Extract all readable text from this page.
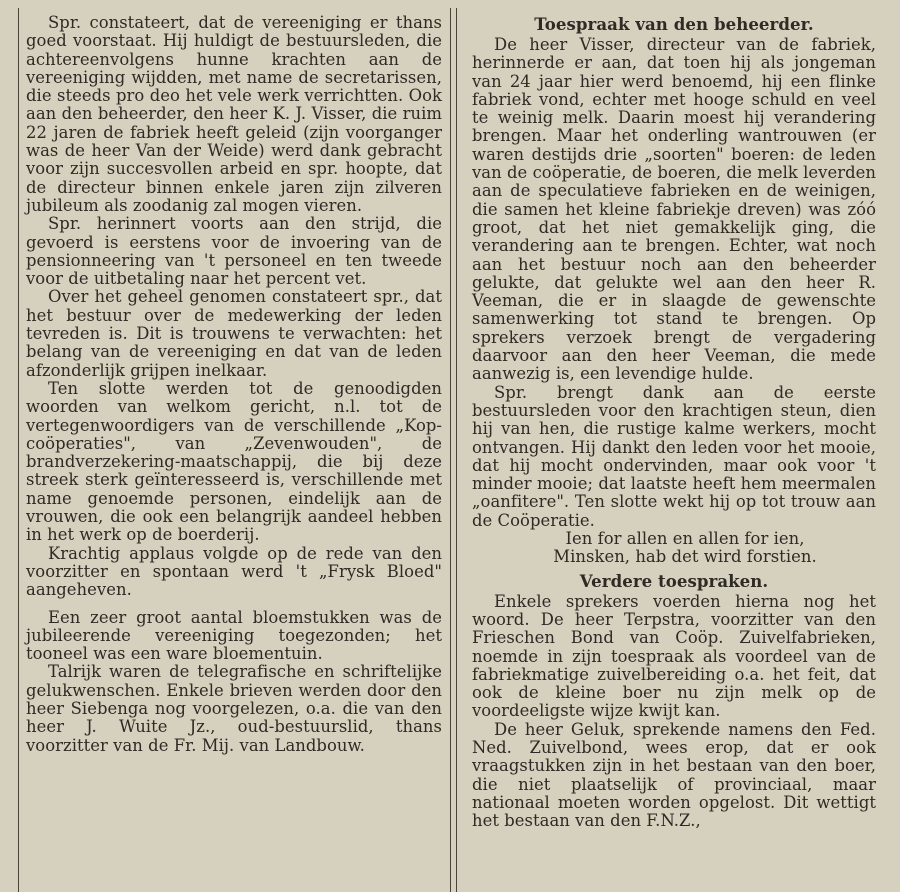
Spr. constateert, dat de vereeniging er thans goed voorstaat. Hij huldigt de bestuursleden, die achtereenvolgens hunne krachten aan de vereeniging wijdden, met name de secretarissen, die steeds pro deo het vele werk verrichtten. Ook aan den beheerder, den heer K. J. Visser, die ruim 22 jaren de fabriek heeft geleid (zijn voorganger was de heer Van der Weide) werd dank gebracht voor zijn succesvollen arbeid en spr. hoopte, dat de directeur binnen enkele jaren zijn zilveren jubileum als zoodanig zal mogen vieren.

Spr. herinnert voorts aan den strijd, die gevoerd is eerstens voor de invoering van de pensionneering van 't personeel en ten tweede voor de uitbetaling naar het percent vet.

Over het geheel genomen constateert spr., dat het bestuur over de medewerking der leden tevreden is. Dit is trouwens te verwachten: het belang van de vereeniging en dat van de leden afzonderlijk grijpen inelkaar.

Ten slotte werden tot de genoodigden woorden van welkom gericht, n.l. tot de vertegenwoordigers van de verschillende „Kop-coöperaties", van „Zevenwouden", de brandverzekering-maatschappij, die bij deze streek sterk geïnteresseerd is, verschillende met name genoemde personen, eindelijk aan de vrouwen, die ook een belangrijk aandeel hebben in het werk op de boerderij.

Krachtig applaus volgde op de rede van den voorzitter en spontaan werd 't „Frysk Bloed" aangeheven.

Een zeer groot aantal bloemstukken was de jubileerende vereeniging toegezonden; het tooneel was een ware bloementuin.

Talrijk waren de telegrafische en schriftelijke gelukwenschen. Enkele brieven werden door den heer Siebenga nog voorgelezen, o.a. die van den heer J. Wuite Jz., oud-bestuurslid, thans voorzitter van de Fr. Mij. van Landbouw.

Toespraak van den beheerder.

De heer Visser, directeur van de fabriek, herinnerde er aan, dat toen hij als jongeman van 24 jaar hier werd benoemd, hij een flinke fabriek vond, echter met hooge schuld en veel te weinig melk. Daarin moest hij verandering brengen. Maar het onderling wantrouwen (er waren destijds drie „soorten" boeren: de leden van de coöperatie, de boeren, die melk leverden aan de speculatieve fabrieken en de weinigen, die samen het kleine fabriekje dreven) was zóó groot, dat het niet gemakkelijk ging, die verandering aan te brengen. Echter, wat noch aan het bestuur noch aan den beheerder gelukte, dat gelukte wel aan den heer R. Veeman, die er in slaagde de gewenschte samenwerking tot stand te brengen. Op sprekers verzoek brengt de vergadering daarvoor aan den heer Veeman, die mede aanwezig is, een levendige hulde.

Spr. brengt dank aan de eerste bestuursleden voor den krachtigen steun, dien hij van hen, die rustige kalme werkers, mocht ontvangen. Hij dankt den leden voor het mooie, dat hij mocht ondervinden, maar ook voor 't minder mooie; dat laatste heeft hem meermalen „oanfitere". Ten slotte wekt hij op tot trouw aan de Coöperatie.

Ien for allen en allen for ien,

Minsken, hab det wird forstien.

Verdere toespraken.

Enkele sprekers voerden hierna nog het woord. De heer Terpstra, voorzitter van den Frieschen Bond van Coöp. Zuivelfabrieken, noemde in zijn toespraak als voordeel van de fabriekmatige zuivelbereiding o.a. het feit, dat ook de kleine boer nu zijn melk op de voordeeligste wijze kwijt kan.

De heer Geluk, sprekende namens den Fed. Ned. Zuivelbond, wees erop, dat er ook vraagstukken zijn in het bestaan van den boer, die niet plaatselijk of provinciaal, maar nationaal moeten worden opgelost. Dit wettigt het bestaan van den F.N.Z.,
